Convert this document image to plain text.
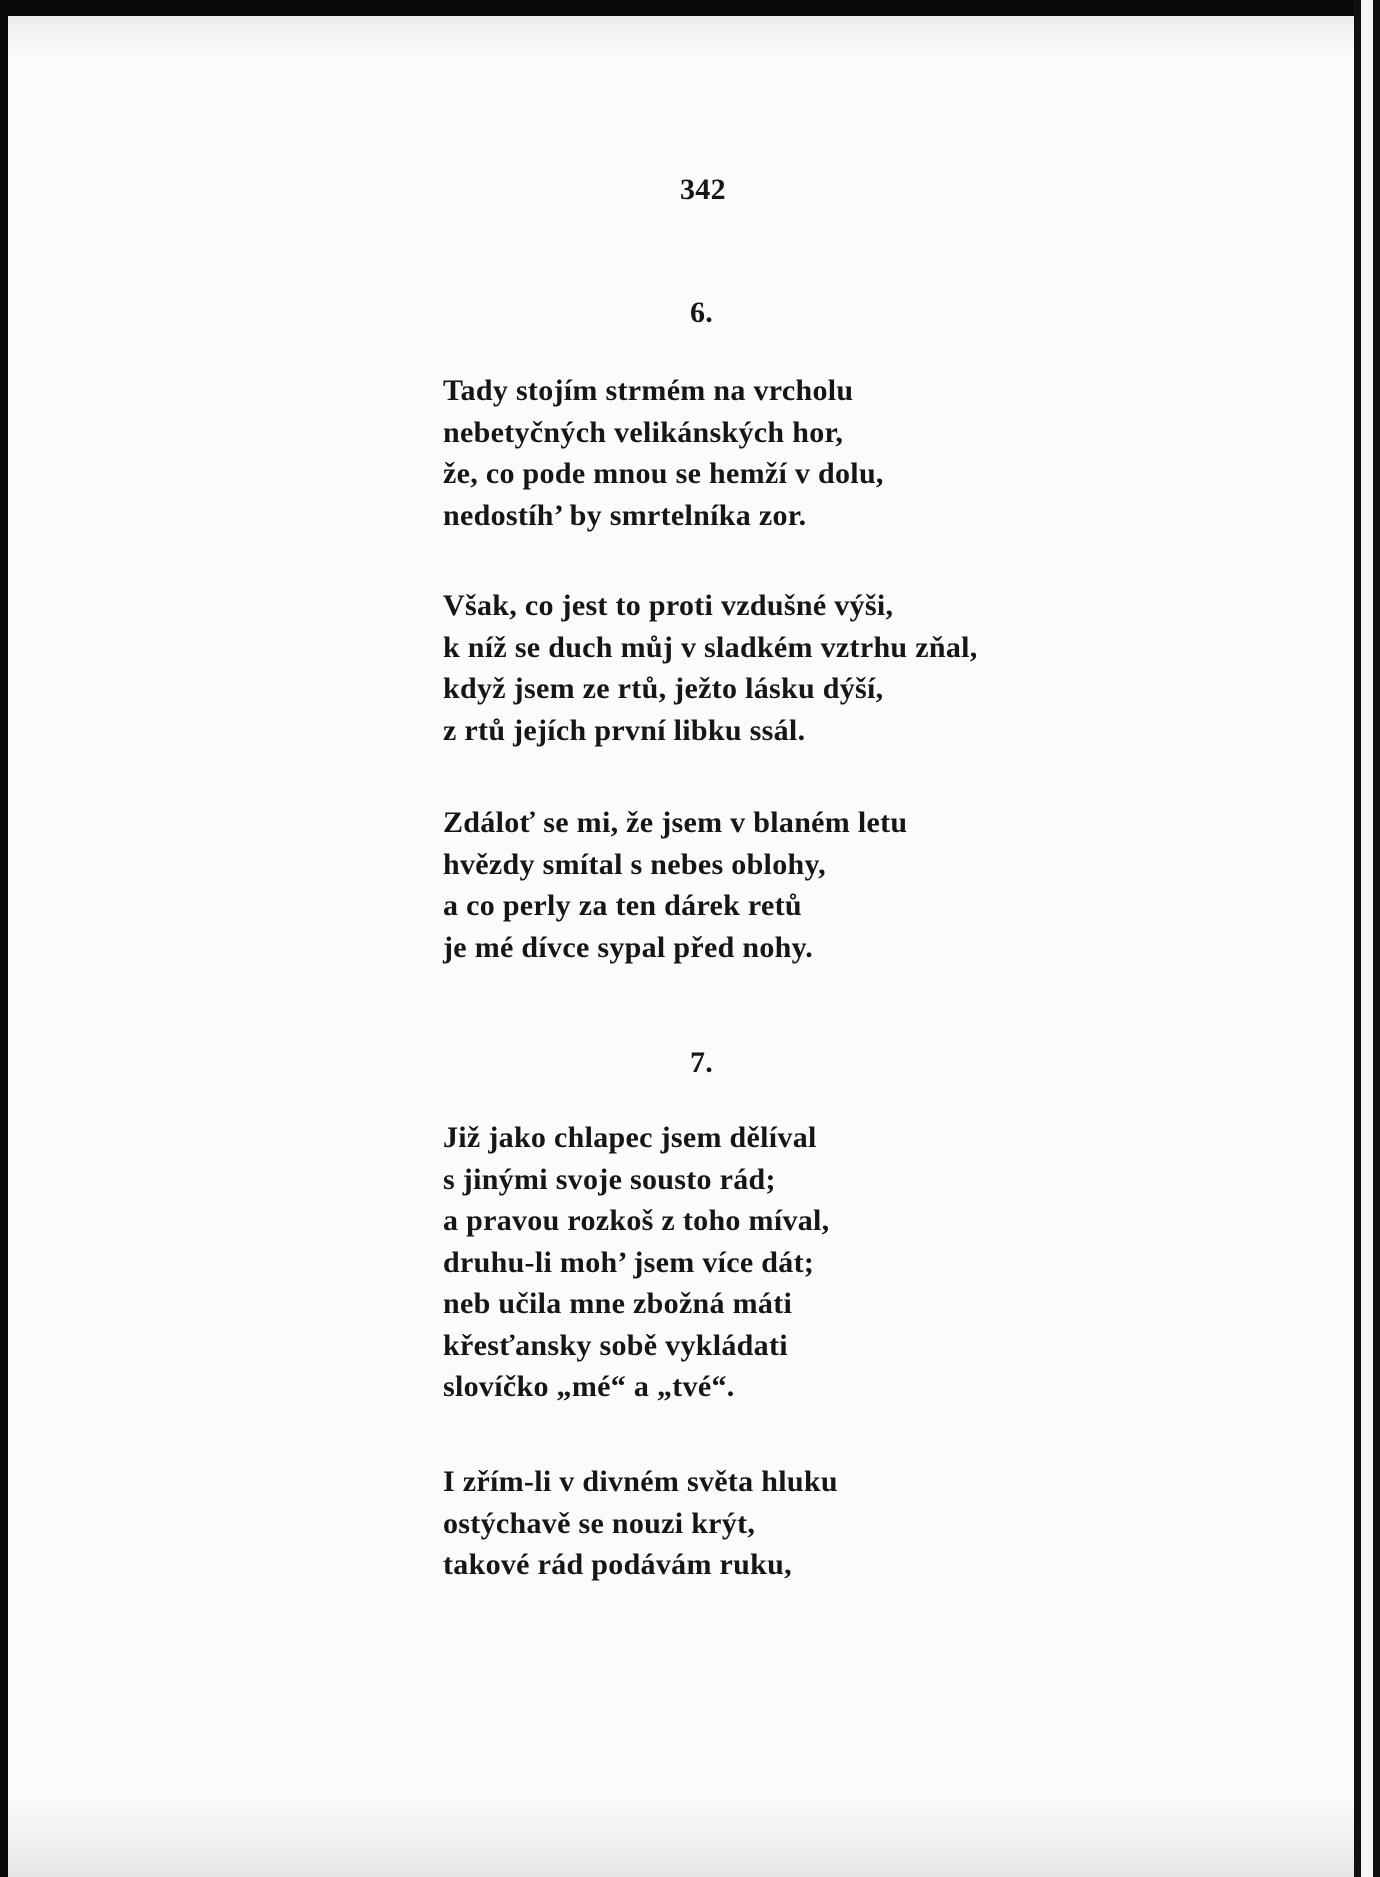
342
6.
Tady stojím strmém na vrcholu
nebetyčných velikánských hor,
že, co pode mnou se hemží v dolu,
nedostíh’ by smrtelníka zor.
Však, co jest to proti vzdušné výši,
k níž se duch můj v sladkém vztrhu zňal,
když jsem ze rtů, ježto lásku dýší,
z rtů jejích první libku ssál.
Zdáloť se mi, že jsem v blaném letu
hvězdy smítal s nebes oblohy,
a co perly za ten dárek retů
je mé dívce sypal před nohy.
7.
Již jako chlapec jsem dělíval
s jinými svoje sousto rád;
a pravou rozkoš z toho míval,
druhu-li moh’ jsem více dát;
neb učila mne zbožná máti
křesťansky sobě vykládati
slovíčko „mé“ a „tvé“.
I zřím-li v divném světa hluku
ostýchavě se nouzi krýt,
takové rád podávám ruku,
